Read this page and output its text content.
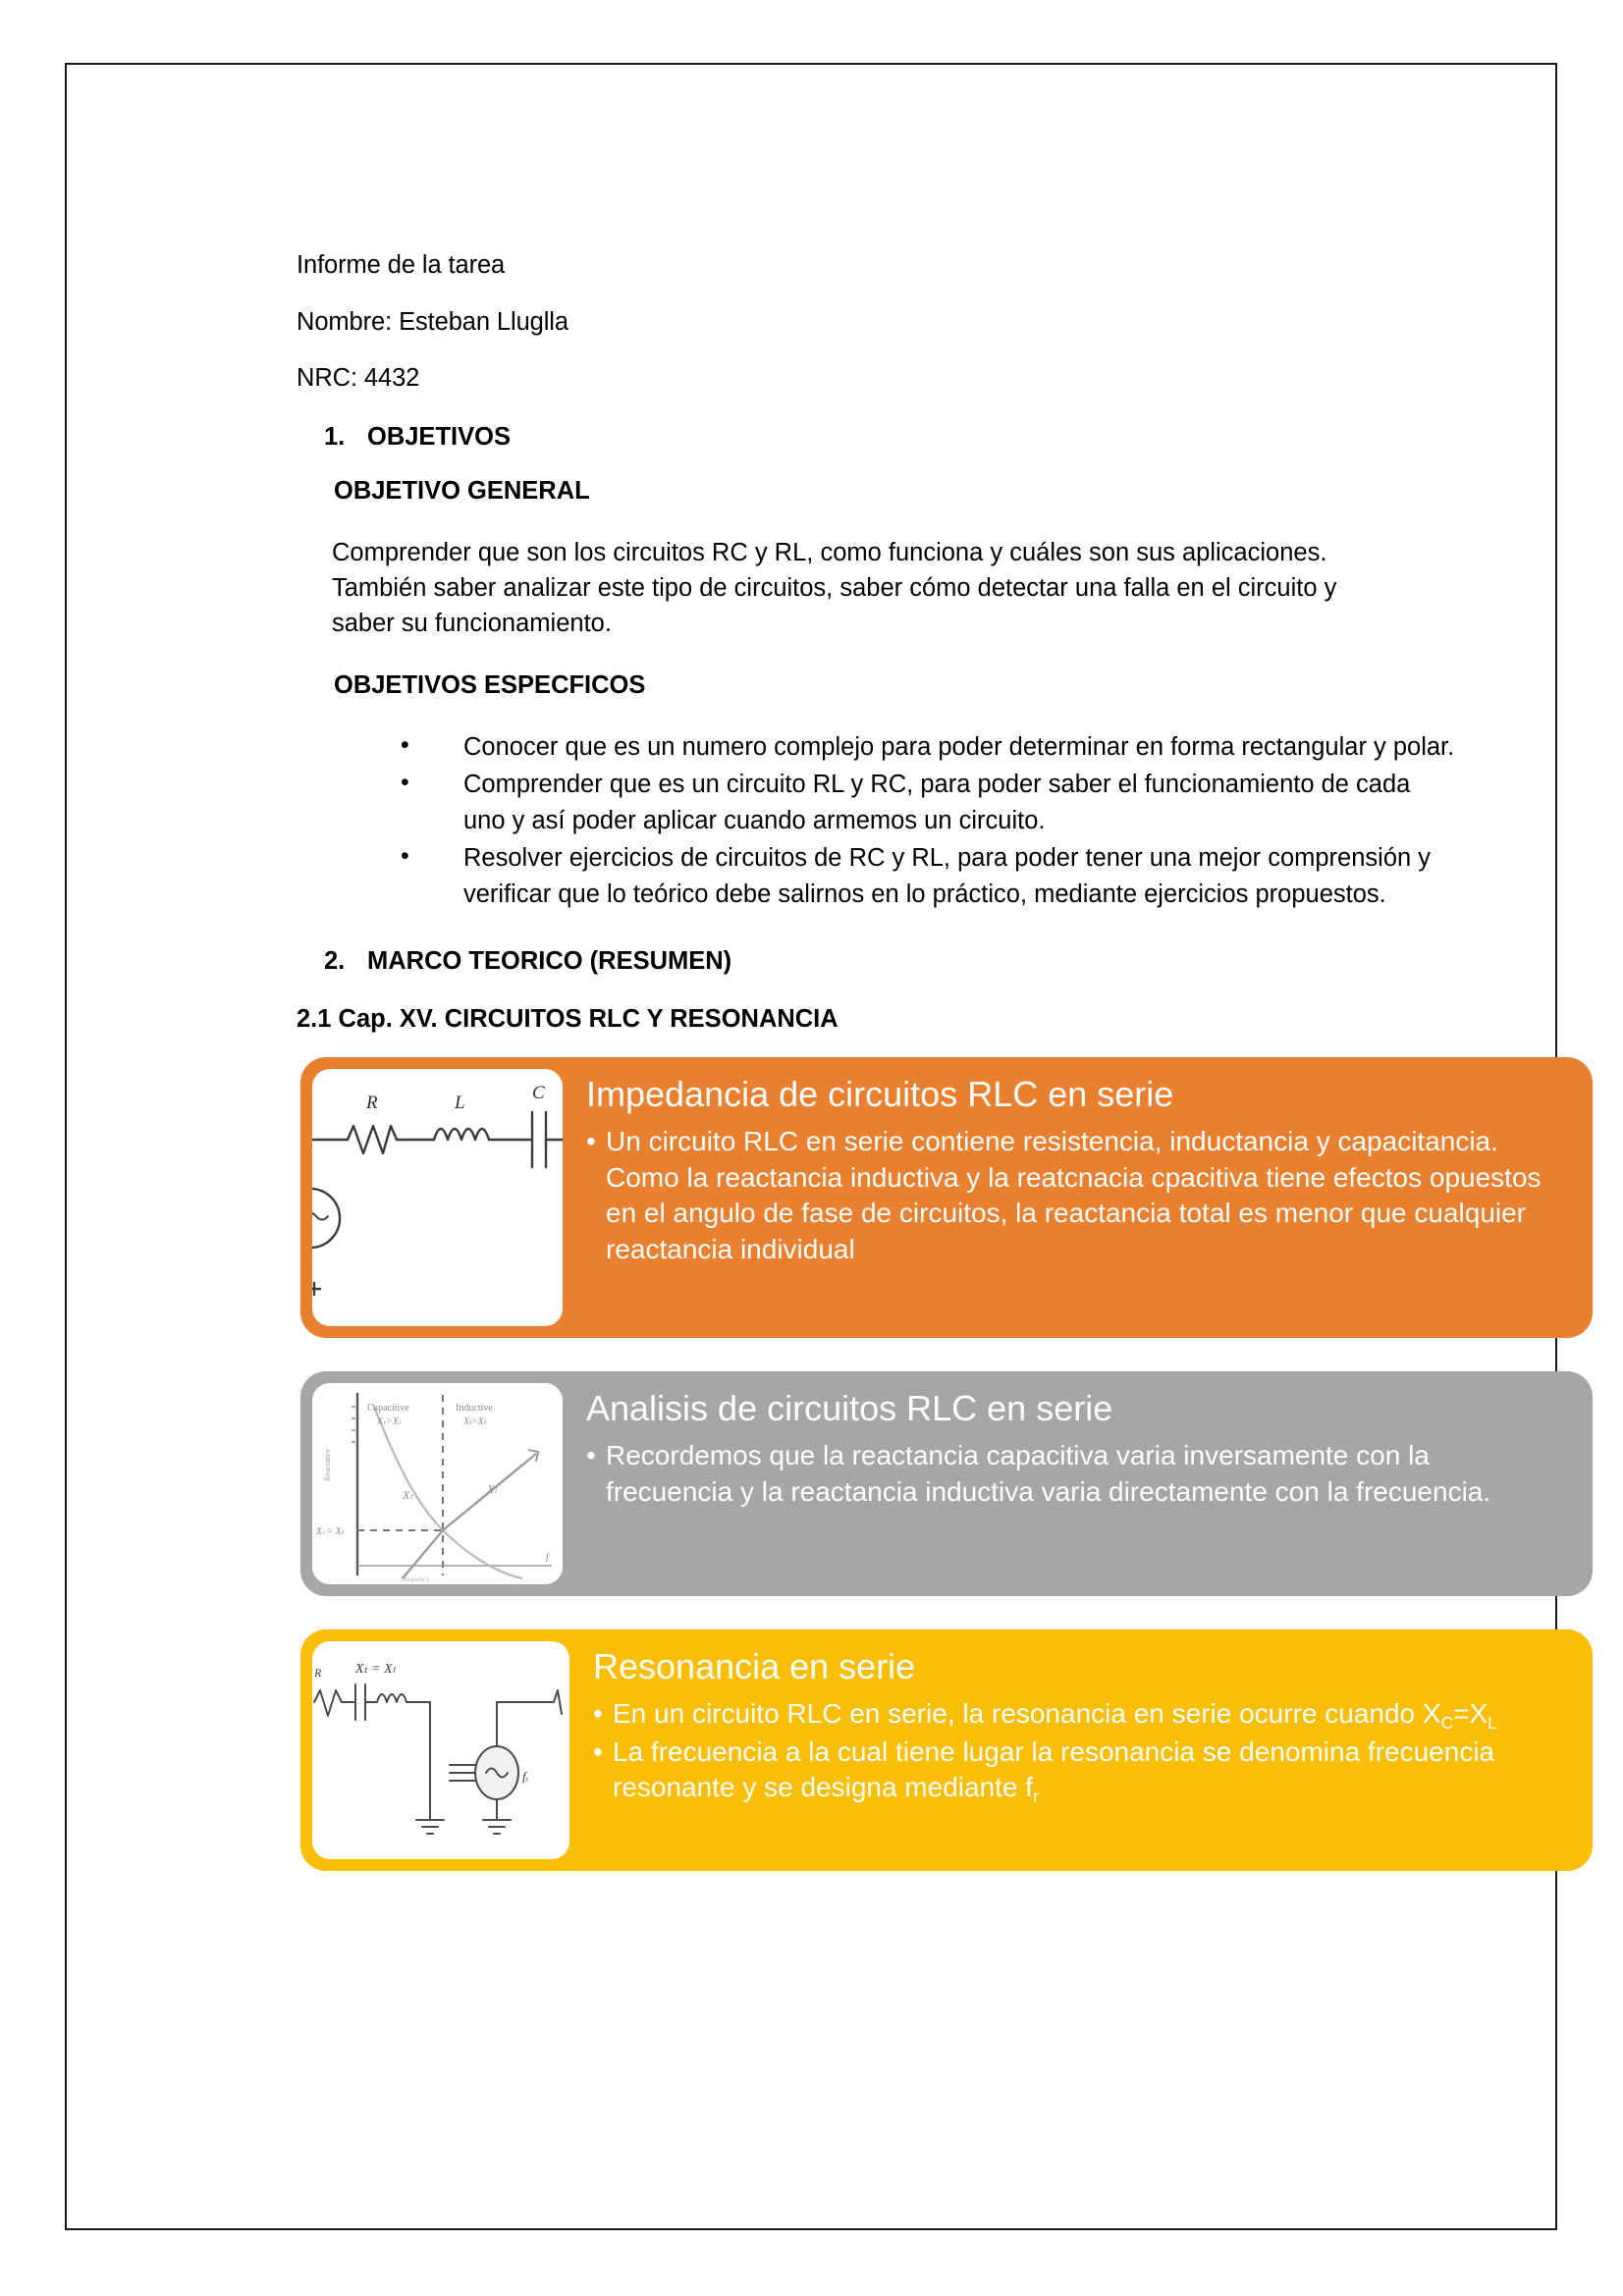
Informe de la tarea

Nombre: Esteban Lluglla

NRC: 4432

1. OBJETIVOS

OBJETIVO GENERAL

Comprender que son los circuitos RC y RL, como funciona y cuáles son sus aplicaciones. También saber analizar este tipo de circuitos, saber cómo detectar una falla en el circuito y saber su funcionamiento.

OBJETIVOS ESPECFICOS

• Conocer que es un numero complejo para poder determinar en forma rectangular y polar.
• Comprender que es un circuito RL y RC, para poder saber el funcionamiento de cada uno y así poder aplicar cuando armemos un circuito.
• Resolver ejercicios de circuitos de RC y RL, para poder tener una mejor comprensión y verificar que lo teórico debe salirnos en lo práctico, mediante ejercicios propuestos.

2. MARCO TEORICO (RESUMEN)

2.1 Cap. XV. CIRCUITOS RLC Y RESONANCIA

R	L	C Impedancia de circuitos RLC en serie
• Un circuito RLC en serie contiene resistencia, inductancia y capacitancia. Como la reactancia inductiva y la reatcnacia cpacitiva tiene efectos opuestos en el angulo de fase de circuitos, la reactancia total es menor que cualquier reactancia individual
Capacitive
Xₜ>Xₗ
Inductive
Xₗ>Xₜ
Xₜ	Xₗ
Xₗ = Xₜ
f
Reactance
Frequency
Analisis de circuitos RLC en serie
• Recordemos que la reactancia capacitiva varia inversamente con la frecuencia y la reactancia inductiva varia directamente con la frecuencia.
R Xₜ = Xₗ
fᵣ
Resonancia en serie
• En un circuito RLC en serie, la resonancia en serie ocurre cuando $X_C=X_L$
• La frecuencia a la cual tiene lugar la resonancia se denomina frecuencia resonante y se designa mediante $f_r$
